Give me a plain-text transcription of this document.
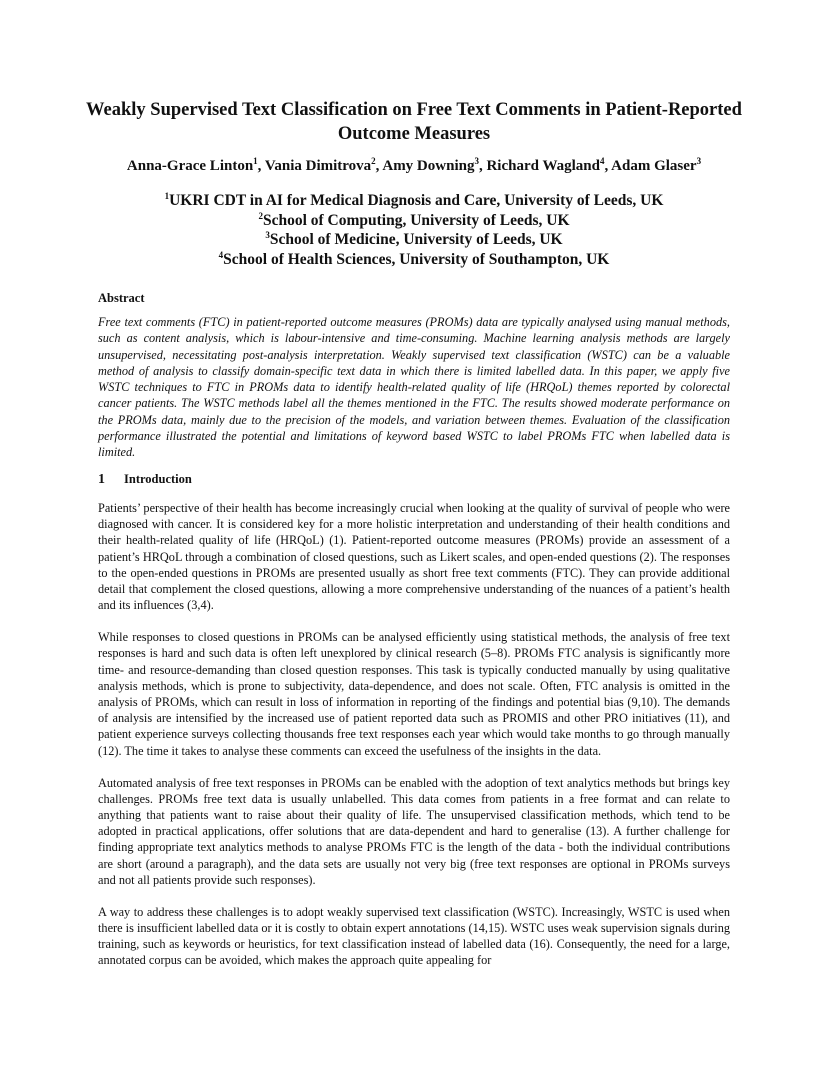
Weakly Supervised Text Classification on Free Text Comments in Patient-Reported Outcome Measures
Anna-Grace Linton$^1$, Vania Dimitrova$^2$, Amy Downing$^3$, Richard Wagland$^4$, Adam Glaser$^3$
$^1$UKRI CDT in AI for Medical Diagnosis and Care, University of Leeds, UK
$^2$School of Computing, University of Leeds, UK
$^3$School of Medicine, University of Leeds, UK
$^4$School of Health Sciences, University of Southampton, UK
Abstract

Free text comments (FTC) in patient-reported outcome measures (PROMs) data are typically analysed using manual methods, such as content analysis, which is labour-intensive and time-consuming. Machine learning analysis methods are largely unsupervised, necessitating post-analysis interpretation. Weakly supervised text classification (WSTC) can be a valuable method of analysis to classify domain-specific text data in which there is limited labelled data. In this paper, we apply five WSTC techniques to FTC in PROMs data to identify health-related quality of life (HRQoL) themes reported by colorectal cancer patients. The WSTC methods label all the themes mentioned in the FTC. The results showed moderate performance on the PROMs data, mainly due to the precision of the models, and variation between themes. Evaluation of the classification performance illustrated the potential and limitations of keyword based WSTC to label PROMs FTC when labelled data is limited.

1 Introduction

Patients’ perspective of their health has become increasingly crucial when looking at the quality of survival of people who were diagnosed with cancer. It is considered key for a more holistic interpretation and understanding of their health conditions and their health-related quality of life (HRQoL) (1). Patient-reported outcome measures (PROMs) provide an assessment of a patient’s HRQoL through a combination of closed questions, such as Likert scales, and open-ended questions (2). The responses to the open-ended questions in PROMs are presented usually as short free text comments (FTC). They can provide additional detail that complement the closed questions, allowing a more comprehensive understanding of the nuances of a patient’s health and its influences (3,4).

While responses to closed questions in PROMs can be analysed efficiently using statistical methods, the analysis of free text responses is hard and such data is often left unexplored by clinical research (5–8). PROMs FTC analysis is significantly more time- and resource-demanding than closed question responses. This task is typically conducted manually by using qualitative analysis methods, which is prone to subjectivity, data-dependence, and does not scale. Often, FTC analysis is omitted in the analysis of PROMs, which can result in loss of information in reporting of the findings and potential bias (9,10). The demands of analysis are intensified by the increased use of patient reported data such as PROMIS and other PRO initiatives (11), and patient experience surveys collecting thousands free text responses each year which would take months to go through manually (12). The time it takes to analyse these comments can exceed the usefulness of the insights in the data.

Automated analysis of free text responses in PROMs can be enabled with the adoption of text analytics methods but brings key challenges. PROMs free text data is usually unlabelled. This data comes from patients in a free format and can relate to anything that patients want to raise about their quality of life. The unsupervised classification methods, which tend to be adopted in practical applications, offer solutions that are data-dependent and hard to generalise (13). A further challenge for finding appropriate text analytics methods to analyse PROMs FTC is the length of the data - both the individual contributions are short (around a paragraph), and the data sets are usually not very big (free text responses are optional in PROMs surveys and not all patients provide such responses).

A way to address these challenges is to adopt weakly supervised text classification (WSTC). Increasingly, WSTC is used when there is insufficient labelled data or it is costly to obtain expert annotations (14,15). WSTC uses weak supervision signals during training, such as keywords or heuristics, for text classification instead of labelled data (16). Consequently, the need for a large, annotated corpus can be avoided, which makes the approach quite appealing for
